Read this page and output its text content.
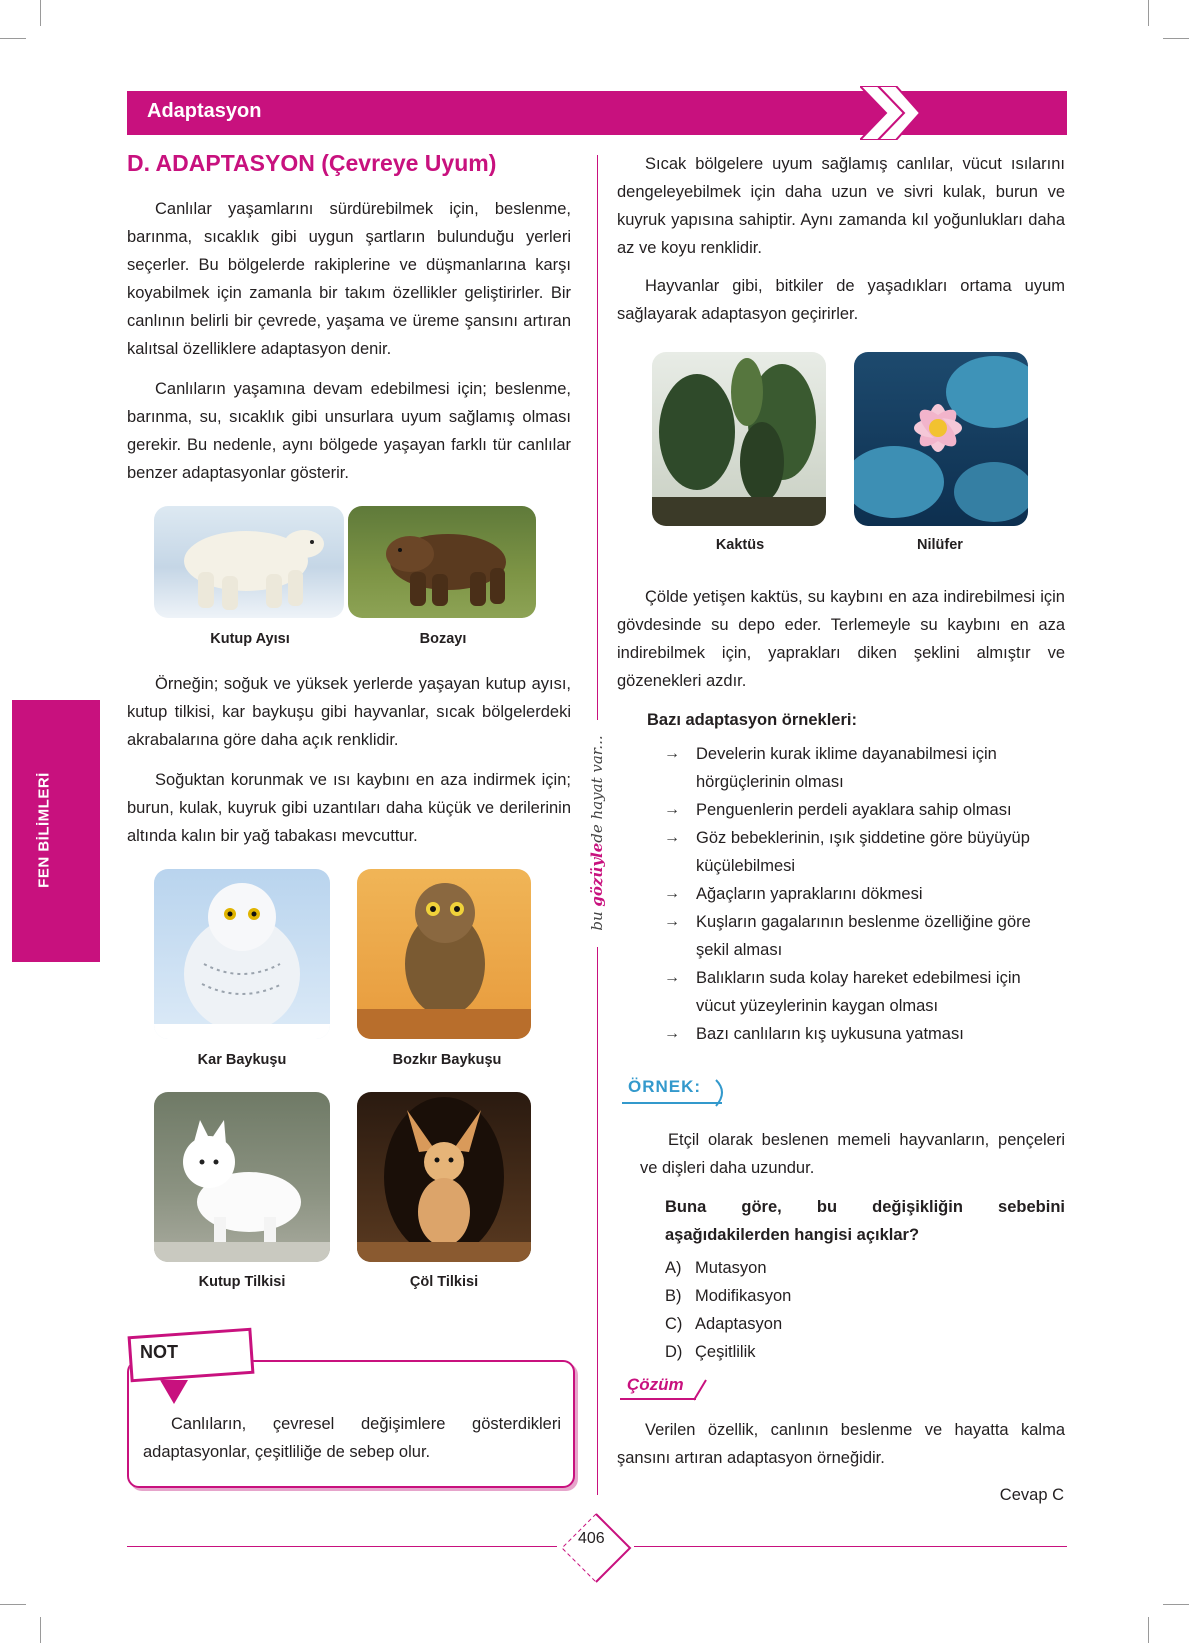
Adaptasyon
FEN BİLİMLERİ
bu gözüylede hayat var...
D. ADAPTASYON (Çevreye Uyum)

Canlılar yaşamlarını sürdürebilmek için, beslenme, barınma, sıcaklık gibi uygun şartların bulunduğu yerleri seçerler. Bu bölgelerde rakiplerine ve düşmanlarına karşı koyabilmek için zamanla bir takım özellikler geliştirirler. Bir canlının belirli bir çevrede, yaşama ve üreme şansını artıran kalıtsal özelliklere adaptasyon denir.

Canlıların yaşamına devam edebilmesi için; beslenme, barınma, su, sıcaklık gibi unsurlara uyum sağlamış olması gerekir. Bu nedenle, aynı bölgede yaşayan farklı tür canlılar benzer adaptasyonlar gösterir.

Kutup Ayısı	Bozayı

Örneğin; soğuk ve yüksek yerlerde yaşayan kutup ayısı, kutup tilkisi, kar baykuşu gibi hayvanlar, sıcak bölgelerdeki akrabalarına göre daha açık renklidir.

Soğuktan korunmak ve ısı kaybını en aza indirmek için; burun, kulak, kuyruk gibi uzantıları daha küçük ve derilerinin altında kalın bir yağ tabakası mevcuttur.

Kar Baykuşu	Bozkır Baykuşu
Kutup Tilkisi	Çöl Tilkisi
NOT

Canlıların, çevresel değişimlere gösterdikleri adaptasyonlar, çeşitliliğe de sebep olur.

Sıcak bölgelere uyum sağlamış canlılar, vücut ısılarını dengeleyebilmek için daha uzun ve sivri kulak, burun ve kuyruk yapısına sahiptir. Aynı zamanda kıl yoğunlukları daha az ve koyu renklidir.

Hayvanlar gibi, bitkiler de yaşadıkları ortama uyum sağlayarak adaptasyon geçirirler.

Kaktüs	Nilüfer

Çölde yetişen kaktüs, su kaybını en aza indirebilmesi için gövdesinde su depo eder. Terlemeyle su kaybını en aza indirebilmek için, yaprakları diken şeklini almıştır ve gözenekleri azdır.

Bazı adaptasyon örnekleri:
→ Develerin kurak iklime dayanabilmesi için hörgüçlerinin olması
→ Penguenlerin perdeli ayaklara sahip olması
→ Göz bebeklerinin, ışık şiddetine göre büyüyüp küçülebilmesi
→ Ağaçların yapraklarını dökmesi
→ Kuşların gagalarının beslenme özelliğine göre şekil alması
→ Balıkların suda kolay hareket edebilmesi için vücut yüzeylerinin kaygan olması
→ Bazı canlıların kış uykusuna yatması
ÖRNEK:

Etçil olarak beslenen memeli hayvanların, pençeleri ve dişleri daha uzundur.

Buna göre, bu değişikliğin sebebini aşağıdakilerden hangisi açıklar?

A) Mutasyon
B) Modifikasyon
C) Adaptasyon
D) Çeşitlilik
Çözüm

Verilen özellik, canlının beslenme ve hayatta kalma şansını artıran adaptasyon örneğidir.

Cevap C
406
